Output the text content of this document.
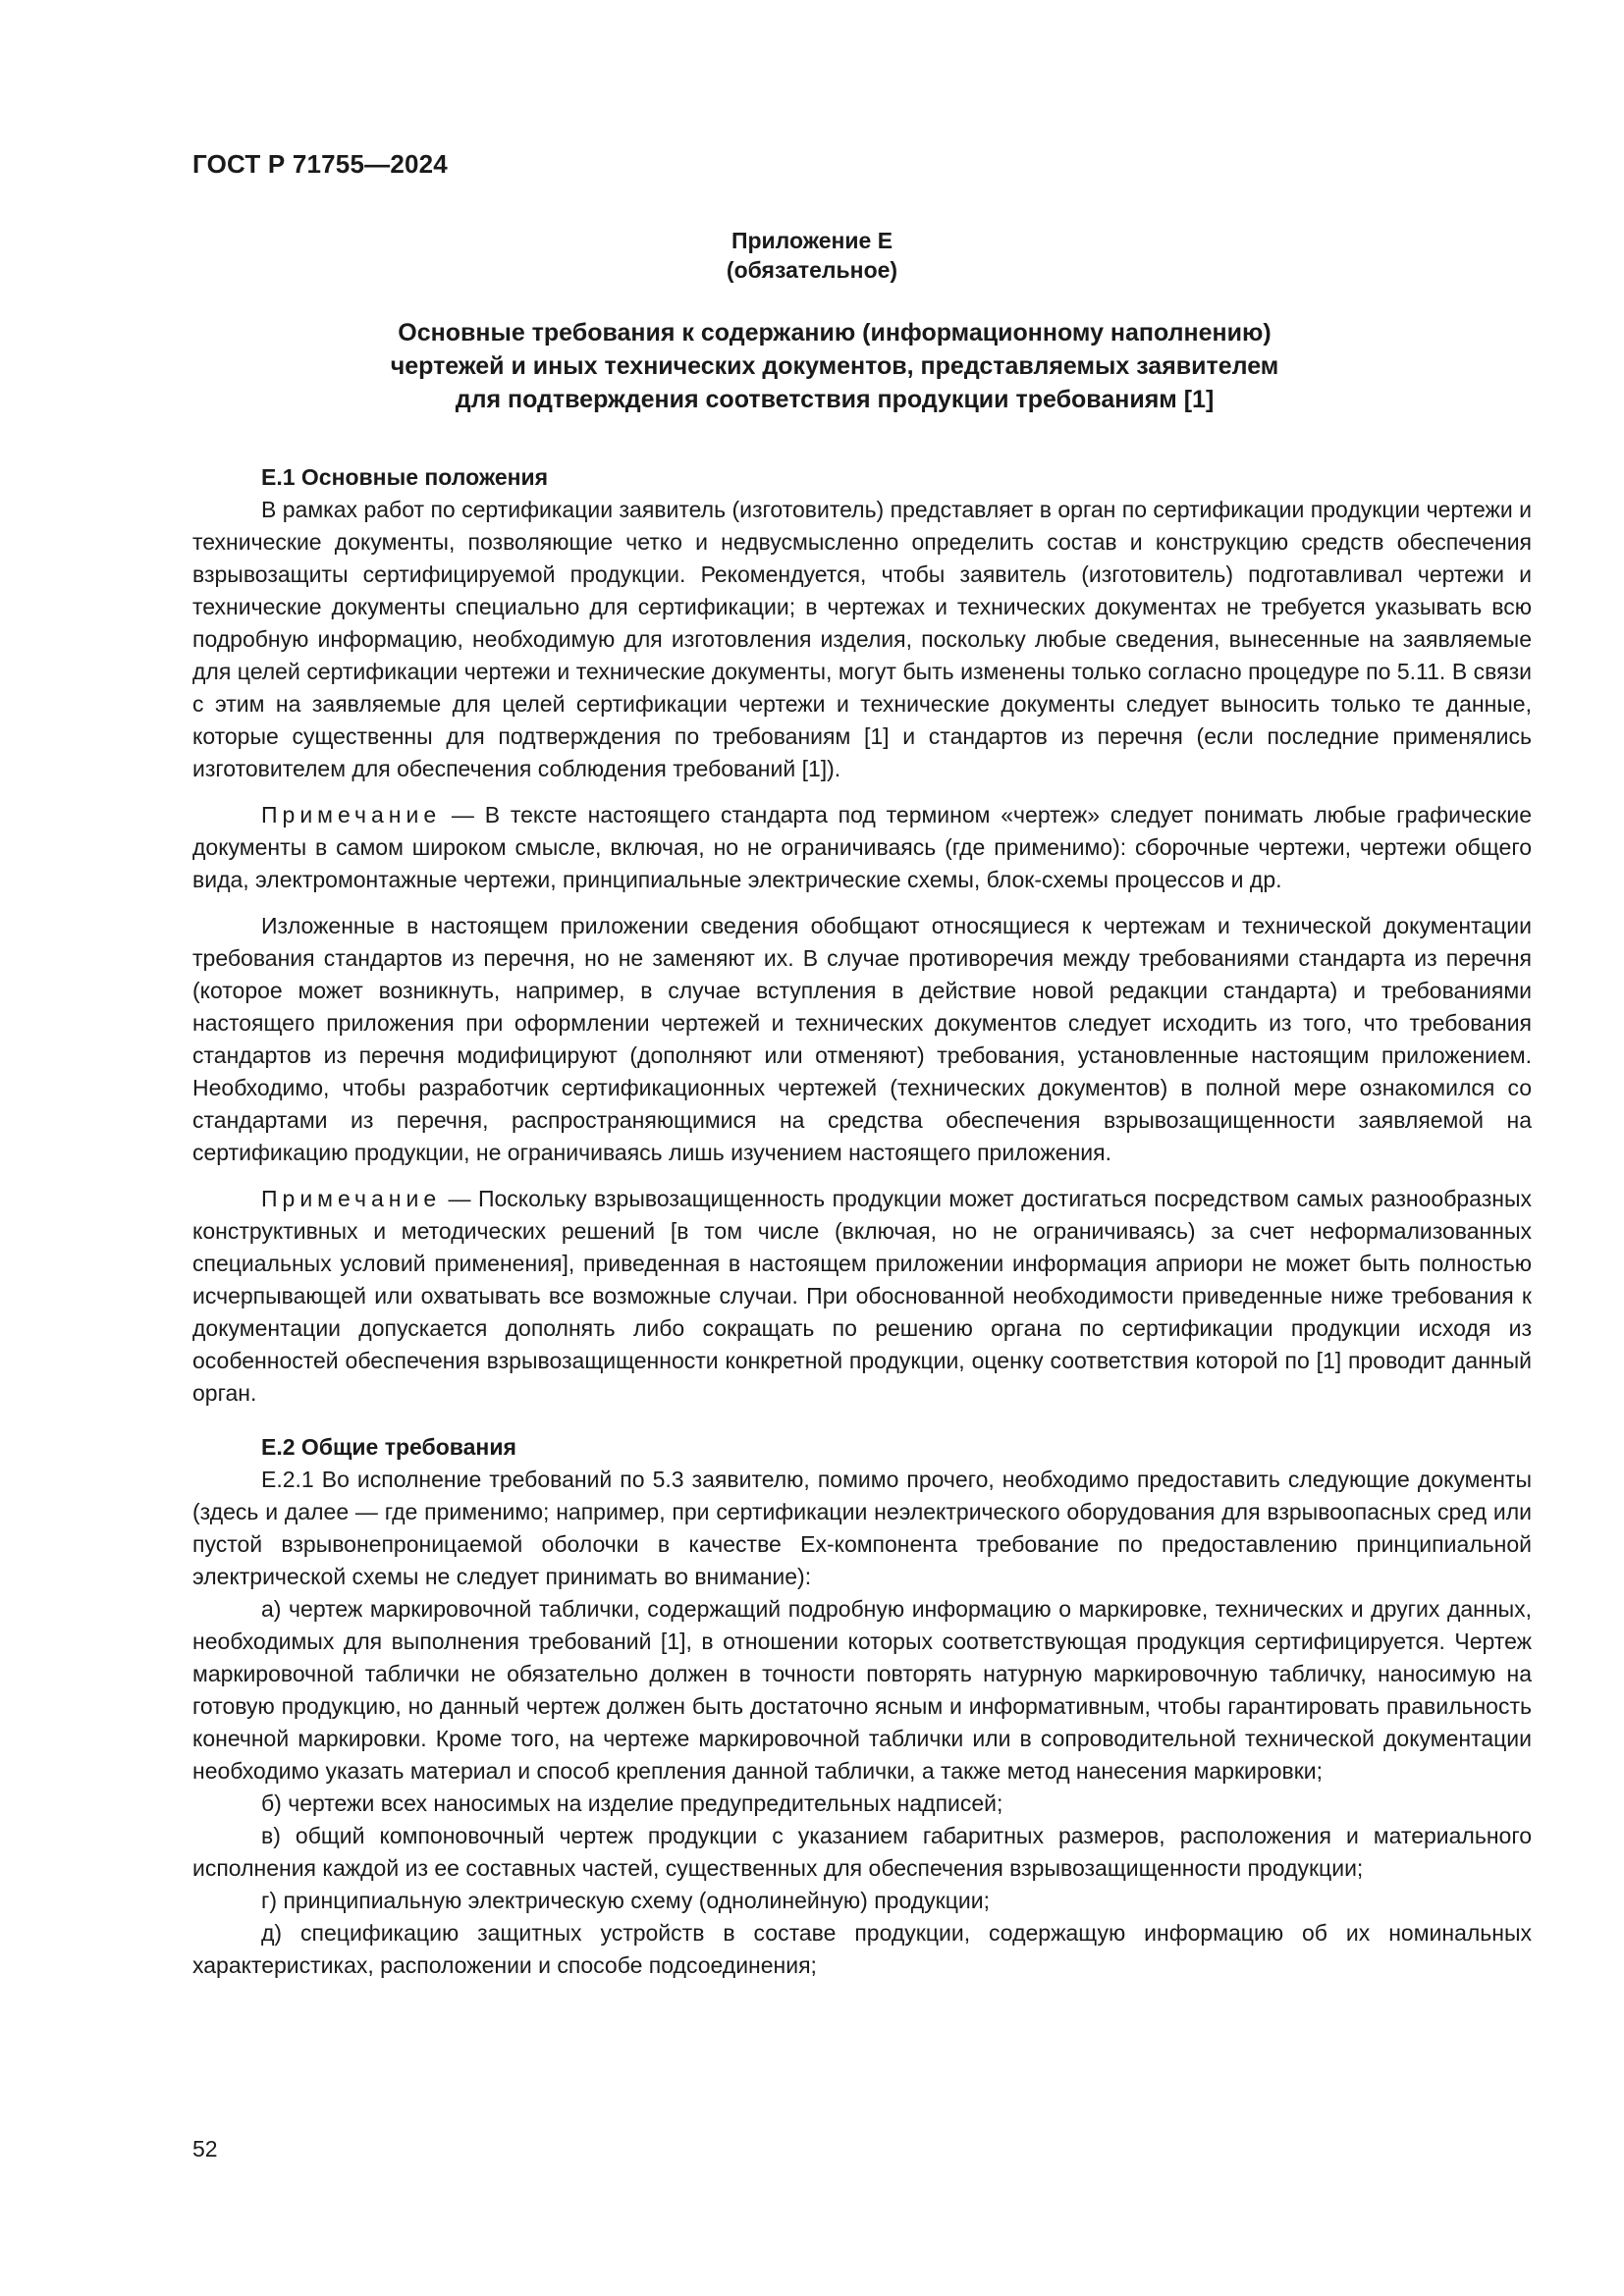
ГОСТ Р 71755—2024
Приложение Е
(обязательное)
Основные требования к содержанию (информационному наполнению)
чертежей и иных технических документов, представляемых заявителем
для подтверждения соответствия продукции требованиям [1]
Е.1 Основные положения

В рамках работ по сертификации заявитель (изготовитель) представляет в орган по сертификации продукции чертежи и технические документы, позволяющие четко и недвусмысленно определить состав и конструкцию средств обеспечения взрывозащиты сертифицируемой продукции. Рекомендуется, чтобы заявитель (изготовитель) подготавливал чертежи и технические документы специально для сертификации; в чертежах и технических документах не требуется указывать всю подробную информацию, необходимую для изготовления изделия, поскольку любые сведения, вынесенные на заявляемые для целей сертификации чертежи и технические документы, могут быть изменены только согласно процедуре по 5.11. В связи с этим на заявляемые для целей сертификации чертежи и технические документы следует выносить только те данные, которые существенны для подтверждения по требованиям [1] и стандартов из перечня (если последние применялись изготовителем для обеспечения соблюдения требований [1]).

Примечание — В тексте настоящего стандарта под термином «чертеж» следует понимать любые графические документы в самом широком смысле, включая, но не ограничиваясь (где применимо): сборочные чертежи, чертежи общего вида, электромонтажные чертежи, принципиальные электрические схемы, блок-схемы процессов и др.

Изложенные в настоящем приложении сведения обобщают относящиеся к чертежам и технической документации требования стандартов из перечня, но не заменяют их. В случае противоречия между требованиями стандарта из перечня (которое может возникнуть, например, в случае вступления в действие новой редакции стандарта) и требованиями настоящего приложения при оформлении чертежей и технических документов следует исходить из того, что требования стандартов из перечня модифицируют (дополняют или отменяют) требования, установленные настоящим приложением. Необходимо, чтобы разработчик сертификационных чертежей (технических документов) в полной мере ознакомился со стандартами из перечня, распространяющимися на средства обеспечения взрывозащищенности заявляемой на сертификацию продукции, не ограничиваясь лишь изучением настоящего приложения.

Примечание — Поскольку взрывозащищенность продукции может достигаться посредством самых разнообразных конструктивных и методических решений [в том числе (включая, но не ограничиваясь) за счет неформализованных специальных условий применения], приведенная в настоящем приложении информация априори не может быть полностью исчерпывающей или охватывать все возможные случаи. При обоснованной необходимости приведенные ниже требования к документации допускается дополнять либо сокращать по решению органа по сертификации продукции исходя из особенностей обеспечения взрывозащищенности конкретной продукции, оценку соответствия которой по [1] проводит данный орган.

Е.2 Общие требования

Е.2.1 Во исполнение требований по 5.3 заявителю, помимо прочего, необходимо предоставить следующие документы (здесь и далее — где применимо; например, при сертификации неэлектрического оборудования для взрывоопасных сред или пустой взрывонепроницаемой оболочки в качестве Ех-компонента требование по предоставлению принципиальной электрической схемы не следует принимать во внимание):

а) чертеж маркировочной таблички, содержащий подробную информацию о маркировке, технических и других данных, необходимых для выполнения требований [1], в отношении которых соответствующая продукция сертифицируется. Чертеж маркировочной таблички не обязательно должен в точности повторять натурную маркировочную табличку, наносимую на готовую продукцию, но данный чертеж должен быть достаточно ясным и информативным, чтобы гарантировать правильность конечной маркировки. Кроме того, на чертеже маркировочной таблички или в сопроводительной технической документации необходимо указать материал и способ крепления данной таблички, а также метод нанесения маркировки;

б) чертежи всех наносимых на изделие предупредительных надписей;

в) общий компоновочный чертеж продукции с указанием габаритных размеров, расположения и материального исполнения каждой из ее составных частей, существенных для обеспечения взрывозащищенности продукции;

г) принципиальную электрическую схему (однолинейную) продукции;

д) спецификацию защитных устройств в составе продукции, содержащую информацию об их номинальных характеристиках, расположении и способе подсоединения;

52
